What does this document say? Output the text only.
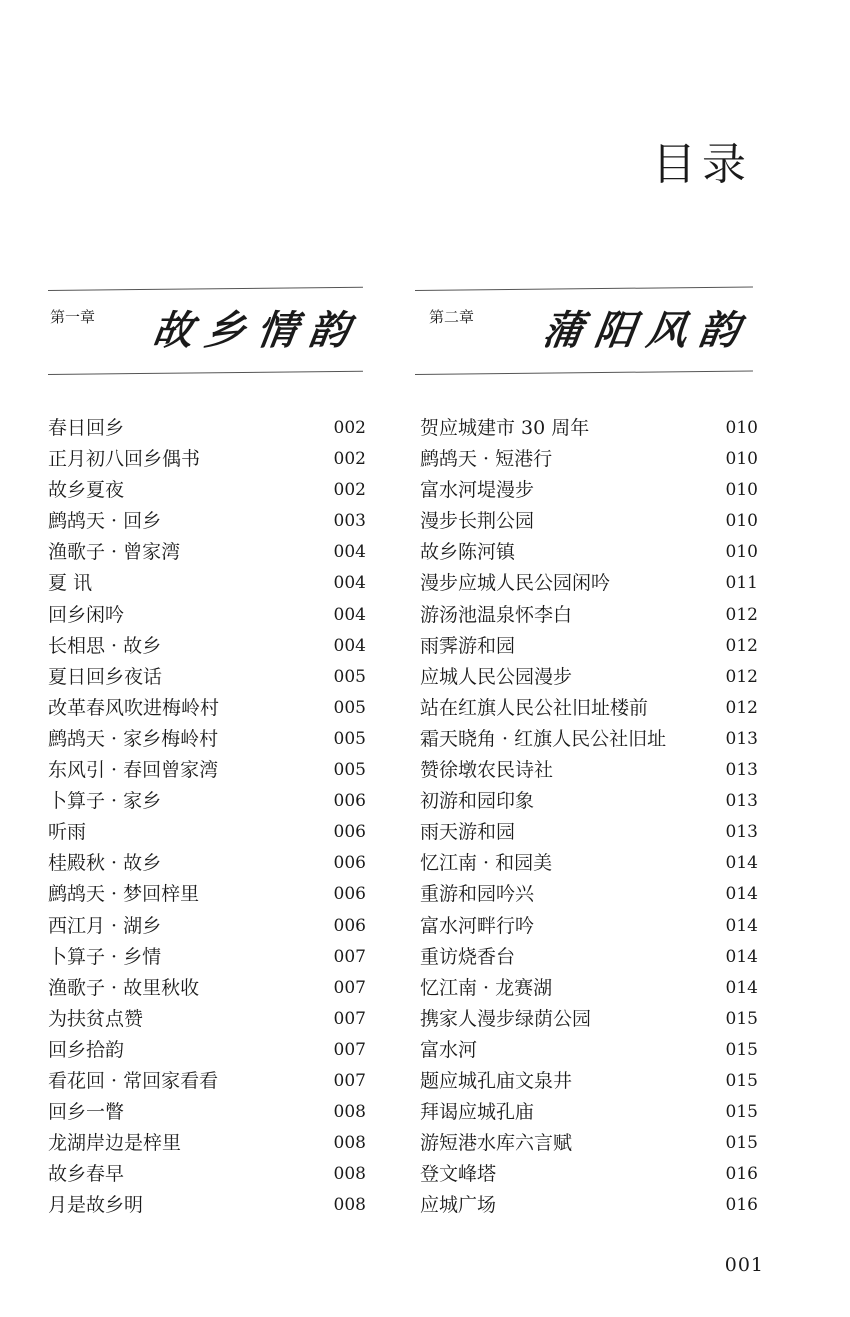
目录
第一章 故乡情韵	第二章 蒲阳风韵
春日回乡	002
正月初八回乡偶书	002
故乡夏夜	002
鹧鸪天 · 回乡	003
渔歌子 · 曾家湾	004
夏 讯	004
回乡闲吟	004
长相思 · 故乡	004
夏日回乡夜话	005
改革春风吹进梅岭村	005
鹧鸪天 · 家乡梅岭村	005
东风引 · 春回曾家湾	005
卜算子 · 家乡	006
听雨	006
桂殿秋 · 故乡	006
鹧鸪天 · 梦回梓里	006
西江月 · 湖乡	006
卜算子 · 乡情	007
渔歌子 · 故里秋收	007
为扶贫点赞	007
回乡拾韵	007
看花回 · 常回家看看	007
回乡一瞥	008
龙湖岸边是梓里	008
故乡春早	008
月是故乡明	008
贺应城建市 30 周年	010
鹧鸪天 · 短港行	010
富水河堤漫步	010
漫步长荆公园	010
故乡陈河镇	010
漫步应城人民公园闲吟	011
游汤池温泉怀李白	012
雨霁游和园	012
应城人民公园漫步	012
站在红旗人民公社旧址楼前	012
霜天晓角 · 红旗人民公社旧址	013
赞徐墩农民诗社	013
初游和园印象	013
雨天游和园	013
忆江南 · 和园美	014
重游和园吟兴	014
富水河畔行吟	014
重访烧香台	014
忆江南 · 龙赛湖	014
携家人漫步绿荫公园	015
富水河	015
题应城孔庙文泉井	015
拜谒应城孔庙	015
游短港水库六言赋	015
登文峰塔	016
应城广场	016
001
